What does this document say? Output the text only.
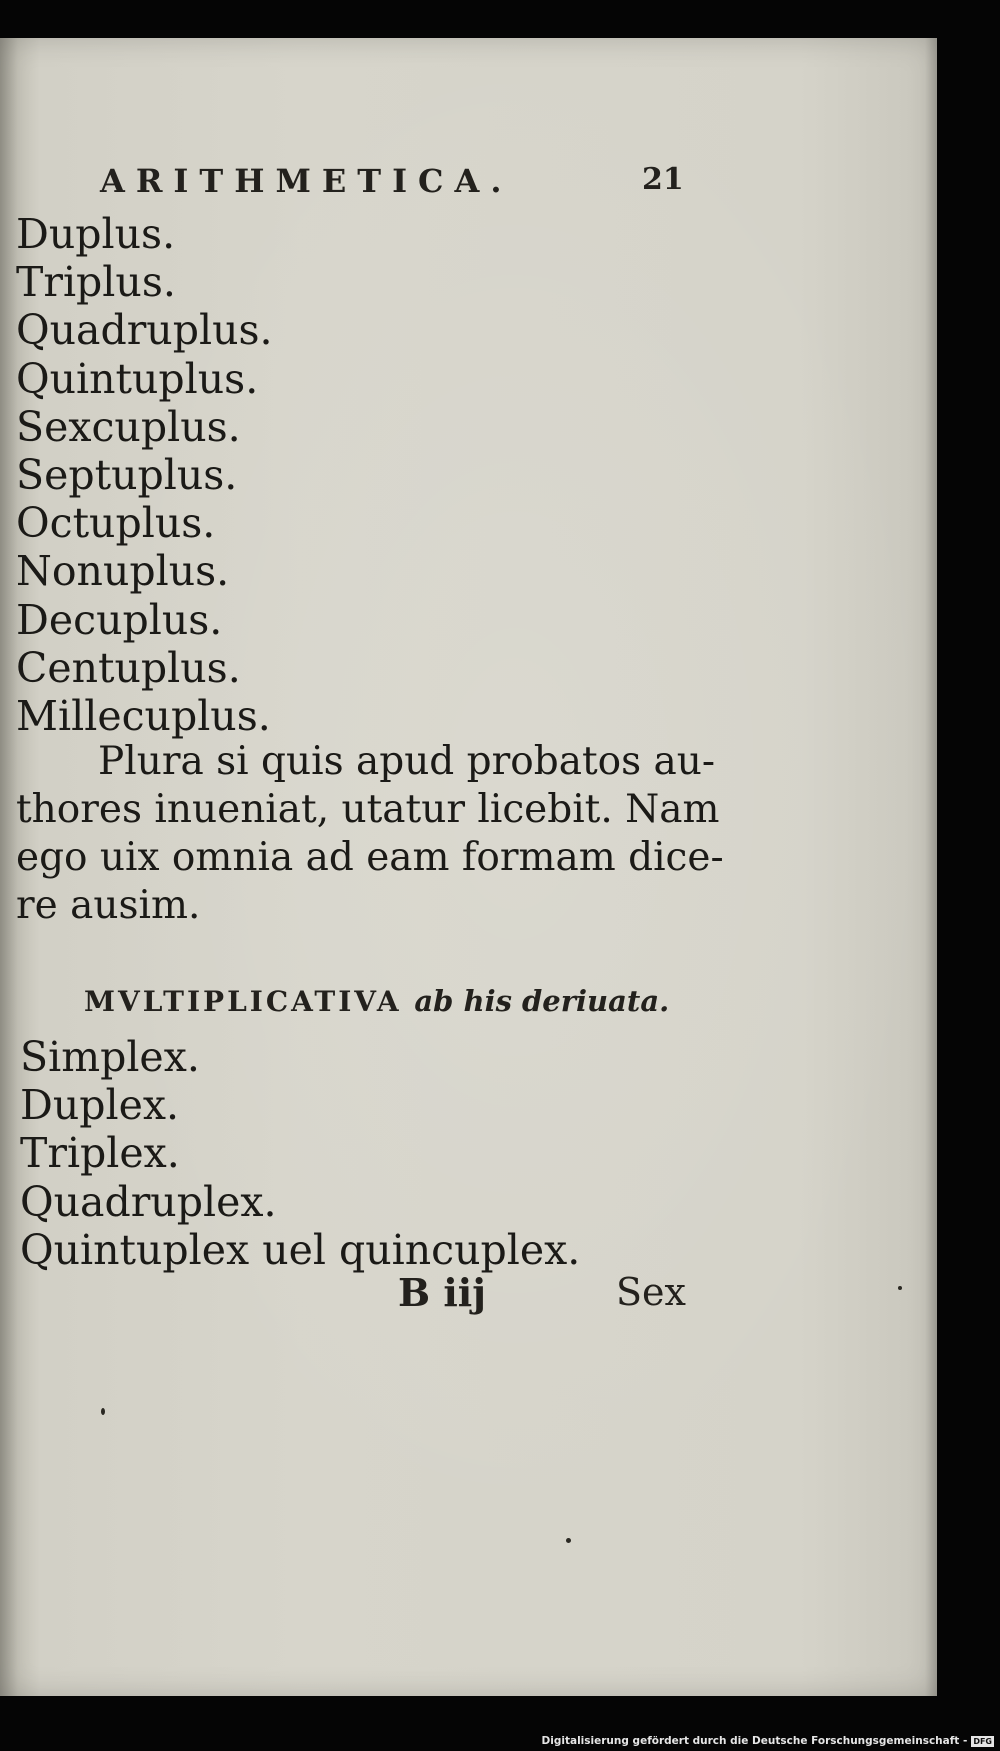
ARITHMETICA.	21
Duplus.
Triplus.
Quadruplus.
Quintuplus.
Sexcuplus.
Septuplus.
Octuplus.
Nonuplus.
Decuplus.
Centuplus.
Millecuplus.
Plura si quis apud probatos au-
thores inueniat, utatur licebit. Nam
ego uix omnia ad eam formam dice-
re ausim.
MVLTIPLICATIVA ab his deriuata.
Simplex.
Duplex.
Triplex.
Quadruplex.
Quintuplex uel quincuplex.
B iij	Sex
Digitalisierung gefördert durch die Deutsche Forschungsgemeinschaft - DFG
